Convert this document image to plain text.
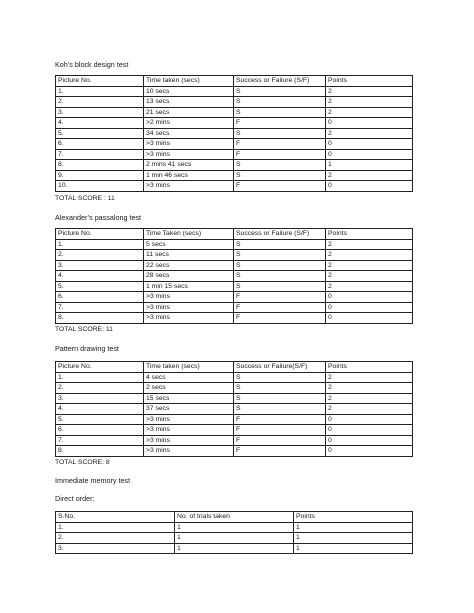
Koh’s block design test
Picture No.	Time taken (secs)	Success or Failure (S/F)	Points
1.	10 secs	S	2
2.	13 secs	S	2
3.	21 secs	S	2
4.	>2 mins	F	0
5.	34 secs	S	2
6.	>3 mins	F	0
7.	>3 mins	F	0
8.	2 mins 41 secs	S	1
9.	1 min 46 secs	S	2
10.	>3 mins	F	0
TOTAL SCORE : 11
Alexander’s passalong test
Picture No.	Time Taken (secs)	Success or Failure (S/F)	Points
1.	5 secs	S	2
2.	11 secs	S	2
3.	22 secs	S	2
4.	28 secs	S	2
5.	1 min 15 secs	S	2
6.	>3 mins	F	0
7.	>3 mins	F	0
8.	>3 mins	F	0
TOTAL SCORE: 11
Pattern drawing test
Picture No.	Time taken (secs)	Success or Failure(S/F)	Points
1.	4 secs	S	2
2.	2 secs	S	2
3.	15 secs	S	2
4.	37 secs	S	2
5.	>3 mins	F	0
6.	>3 mins	F	0
7.	>3 mins	F	0
8.	>3 mins	F	0
TOTAL SCORE: 8
Immediate memory test
Direct order:
S.No.	No. of trials taken	Points
1.	1	1
2.	1	1
3.	1	1
